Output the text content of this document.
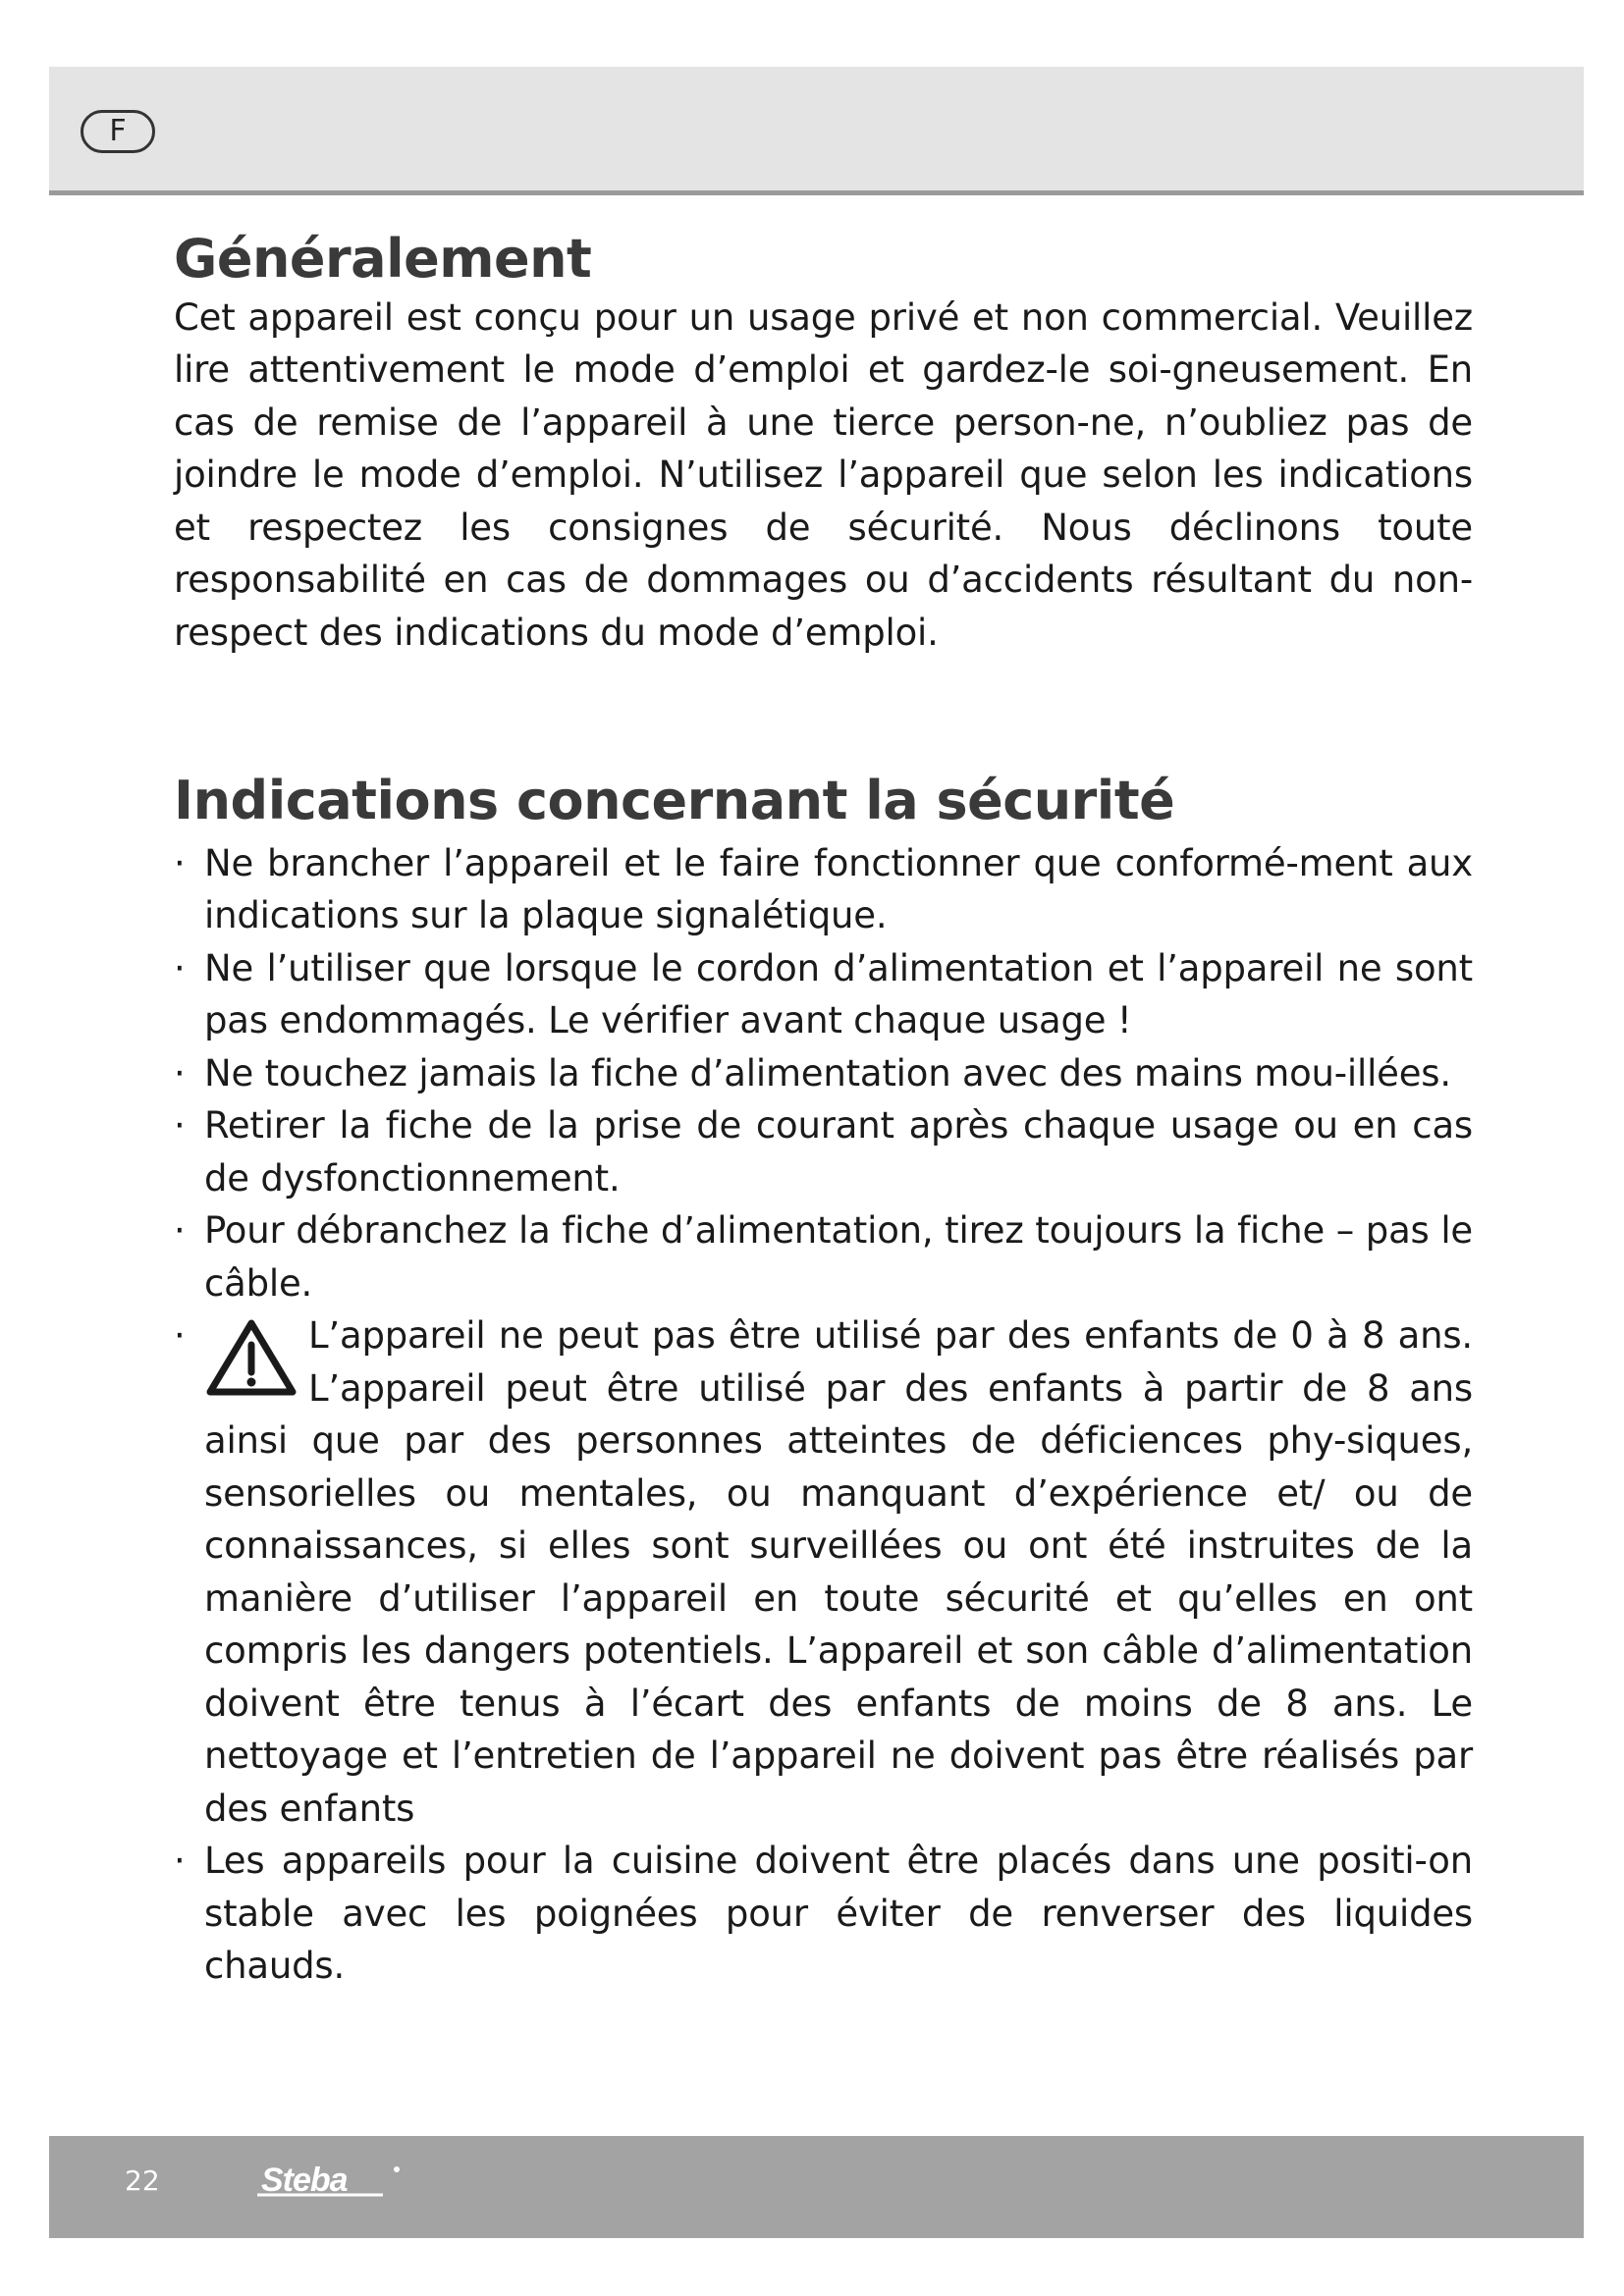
F
Généralement

Cet appareil est conçu pour un usage privé et non commercial. Veuillez lire attentivement le mode d’emploi et gardez-le soi-gneusement. En cas de remise de l’appareil à une tierce person-ne, n’oubliez pas de joindre le mode d’emploi. N’utilisez l’appareil que selon les indications et respectez les consignes de sécurité. Nous déclinons toute responsabilité en cas de dommages ou d’accidents résultant du non-respect des indications du mode d’emploi.

Indications concernant la sécurité
· Ne brancher l’appareil et le faire fonctionner que conformé-ment aux indications sur la plaque signalétique.
· Ne l’utiliser que lorsque le cordon d’alimentation et l’appareil ne sont pas endommagés. Le vérifier avant chaque usage !
· Ne touchez jamais la fiche d’alimentation avec des mains mou-illées.
· Retirer la fiche de la prise de courant après chaque usage ou en cas de dysfonctionnement.
· Pour débranchez la fiche d’alimentation, tirez toujours la fiche – pas le câble.
·	L’appareil ne peut pas être utilisé par des enfants de 0 à 8 ans. L’appareil peut être utilisé par des enfants à partir de 8 ans ainsi que par des personnes atteintes de déficiences phy-siques, sensorielles ou mentales, ou manquant d’expérience et/ ou de connaissances, si elles sont surveillées ou ont été instruites de la manière d’utiliser l’appareil en toute sécurité et qu’elles en ont compris les dangers potentiels. L’appareil et son câble d’alimentation doivent être tenus à l’écart des enfants de moins de 8 ans. Le nettoyage et l’entretien de l’appareil ne doivent pas être réalisés par des enfants
· Les appareils pour la cuisine doivent être placés dans une positi-on stable avec les poignées pour éviter de renverser des liquides chauds.
22	Steba
